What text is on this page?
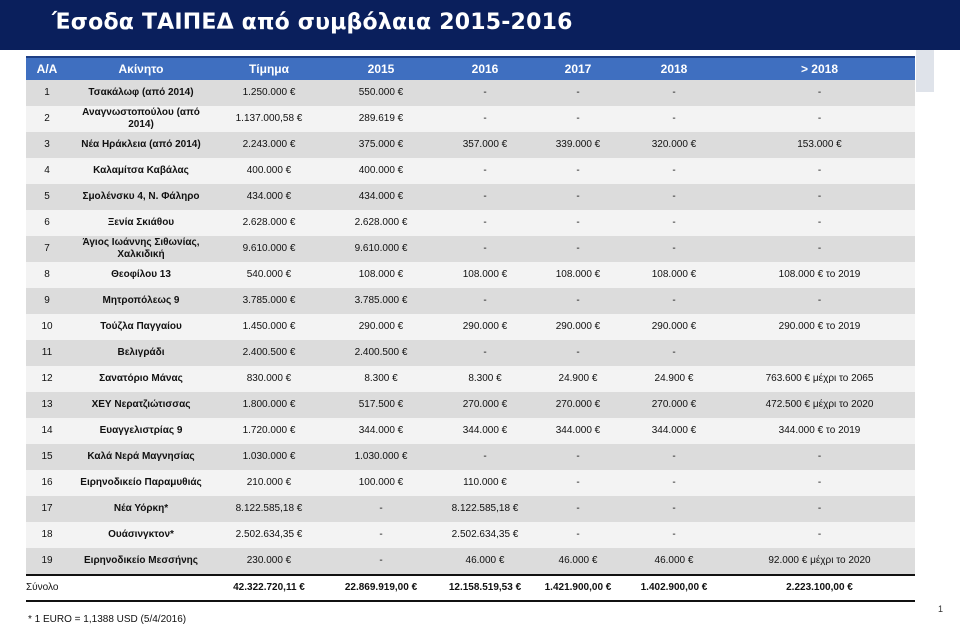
Έσοδα ΤΑΙΠΕΔ από συμβόλαια 2015-2016
Α/Α	Ακίνητο	Τίμημα	2015	2016	2017	2018	> 2018
1	Τσακάλωφ (από 2014)	1.250.000 €	550.000 €	-	-	-	-
2	Αναγνωστοπούλου (από 2014)	1.137.000,58 €	289.619 €	-	-	-	-
3	Νέα Ηράκλεια (από 2014)	2.243.000 €	375.000 €	357.000 €	339.000 €	320.000 €	153.000 €
4	Καλαμίτσα Καβάλας	400.000 €	400.000 €	-	-	-	-
5	Σμολένσκυ 4, Ν. Φάληρο	434.000 €	434.000 €	-	-	-	-
6	Ξενία Σκιάθου	2.628.000 €	2.628.000 €	-	-	-	-
7	Άγιος Ιωάννης Σιθωνίας, Χαλκιδική	9.610.000 €	9.610.000 €	-	-	-	-
8	Θεοφίλου 13	540.000 €	108.000 €	108.000 €	108.000 €	108.000 €	108.000 € το 2019
9	Μητροπόλεως 9	3.785.000 €	3.785.000 €	-	-	-	-
10	Τούζλα Παγγαίου	1.450.000 €	290.000 €	290.000 €	290.000 €	290.000 €	290.000 € το 2019
11	Βελιγράδι	2.400.500 €	2.400.500 €	-	-	-	
12	Σανατόριο Μάνας	830.000 €	8.300 €	8.300 €	24.900 €	24.900 €	763.600 € μέχρι το 2065
13	ΧΕΥ Νερατζιώτισσας	1.800.000 €	517.500 €	270.000 €	270.000 €	270.000 €	472.500 € μέχρι το 2020
14	Ευαγγελιστρίας 9	1.720.000 €	344.000 €	344.000 €	344.000 €	344.000 €	344.000 € το 2019
15	Καλά Νερά Μαγνησίας	1.030.000 €	1.030.000 €	-	-	-	-
16	Ειρηνοδικείο Παραμυθιάς	210.000 €	100.000 €	110.000 €	-	-	-
17	Νέα Υόρκη*	8.122.585,18 €	-	8.122.585,18 €	-	-	-
18	Ουάσινγκτον*	2.502.634,35 €	-	2.502.634,35 €	-	-	-
19	Ειρηνοδικείο Μεσσήνης	230.000 €	-	46.000 €	46.000 €	46.000 €	92.000 € μέχρι το 2020
Σύνολο		42.322.720,11 €	22.869.919,00 €	12.158.519,53 €	1.421.900,00 €	1.402.900,00 €	2.223.100,00 €
* 1 EURO = 1,1388 USD (5/4/2016)
1
